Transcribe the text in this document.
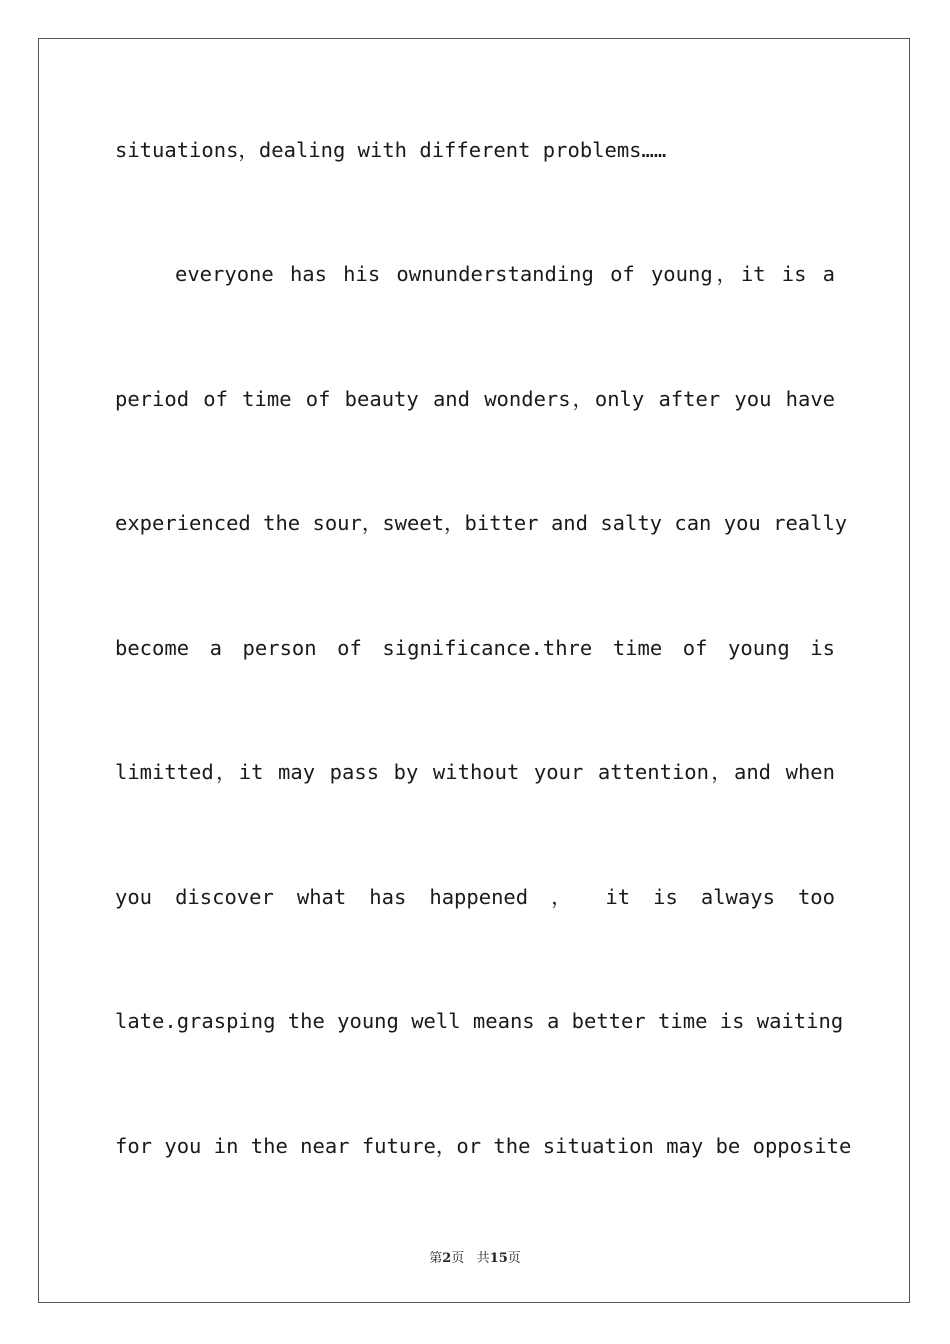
situations，dealing with different problems……
everyone has his ownunderstanding of young，it is a
period of time of beauty and wonders，only after you have
experienced the sour，sweet，bitter and salty can you really
become a person of significance.thre time of young is
limitted，it may pass by without your attention，and when
you discover what has happened ， it is always too
late.grasping the young well means a better time is waiting
for you in the near future，or the situation may be opposite
第2页 共15页
